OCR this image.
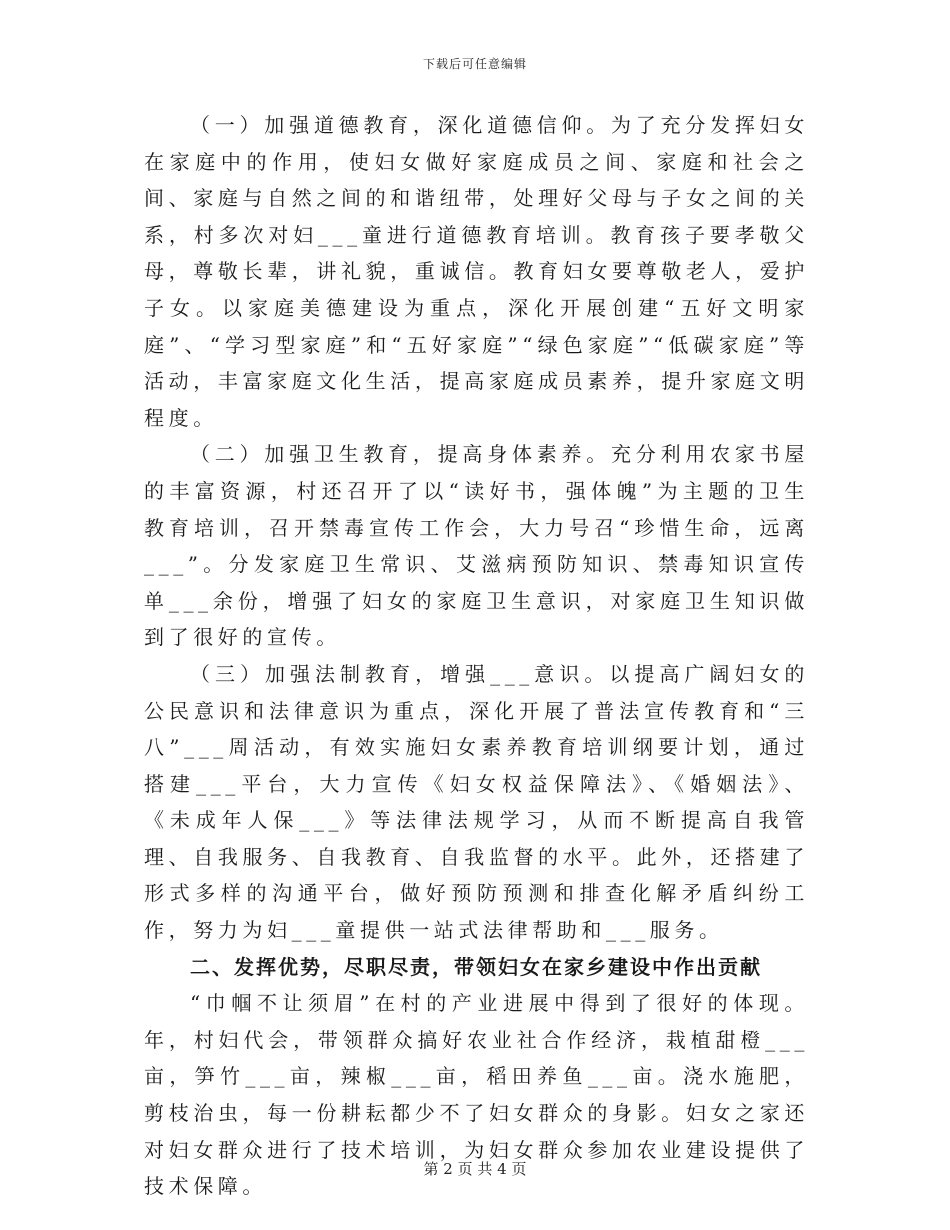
下载后可任意编辑

（一）加强道德教育，深化道德信仰。为了充分发挥妇女在家庭中的作用，使妇女做好家庭成员之间、家庭和社会之间、家庭与自然之间的和谐纽带，处理好父母与子女之间的关系，村多次对妇___童进行道德教育培训。教育孩子要孝敬父母，尊敬长辈，讲礼貌，重诚信。教育妇女要尊敬老人，爱护子女。以家庭美德建设为重点，深化开展创建“五好文明家庭”、“学习型家庭”和“五好家庭”“绿色家庭”“低碳家庭”等活动，丰富家庭文化生活，提高家庭成员素养，提升家庭文明程度。

（二）加强卫生教育，提高身体素养。充分利用农家书屋的丰富资源，村还召开了以“读好书，强体魄”为主题的卫生教育培训，召开禁毒宣传工作会，大力号召“珍惜生命，远离___”。分发家庭卫生常识、艾滋病预防知识、禁毒知识宣传单___余份，增强了妇女的家庭卫生意识，对家庭卫生知识做到了很好的宣传。

（三）加强法制教育，增强___意识。以提高广阔妇女的公民意识和法律意识为重点，深化开展了普法宣传教育和“三八”___周活动，有效实施妇女素养教育培训纲要计划，通过搭建___平台，大力宣传《妇女权益保障法》、《婚姻法》、《未成年人保___》等法律法规学习，从而不断提高自我管理、自我服务、自我教育、自我监督的水平。此外，还搭建了形式多样的沟通平台，做好预防预测和排查化解矛盾纠纷工作，努力为妇___童提供一站式法律帮助和___服务。

二、发挥优势，尽职尽责，带领妇女在家乡建设中作出贡献

“巾帼不让须眉”在村的产业进展中得到了很好的体现。年，村妇代会，带领群众搞好农业社合作经济，栽植甜橙___亩，笋竹___亩，辣椒___亩，稻田养鱼___亩。浇水施肥，剪枝治虫，每一份耕耘都少不了妇女群众的身影。妇女之家还对妇女群众进行了技术培训，为妇女群众参加农业建设提供了技术保障。

第 2 页 共 4 页
